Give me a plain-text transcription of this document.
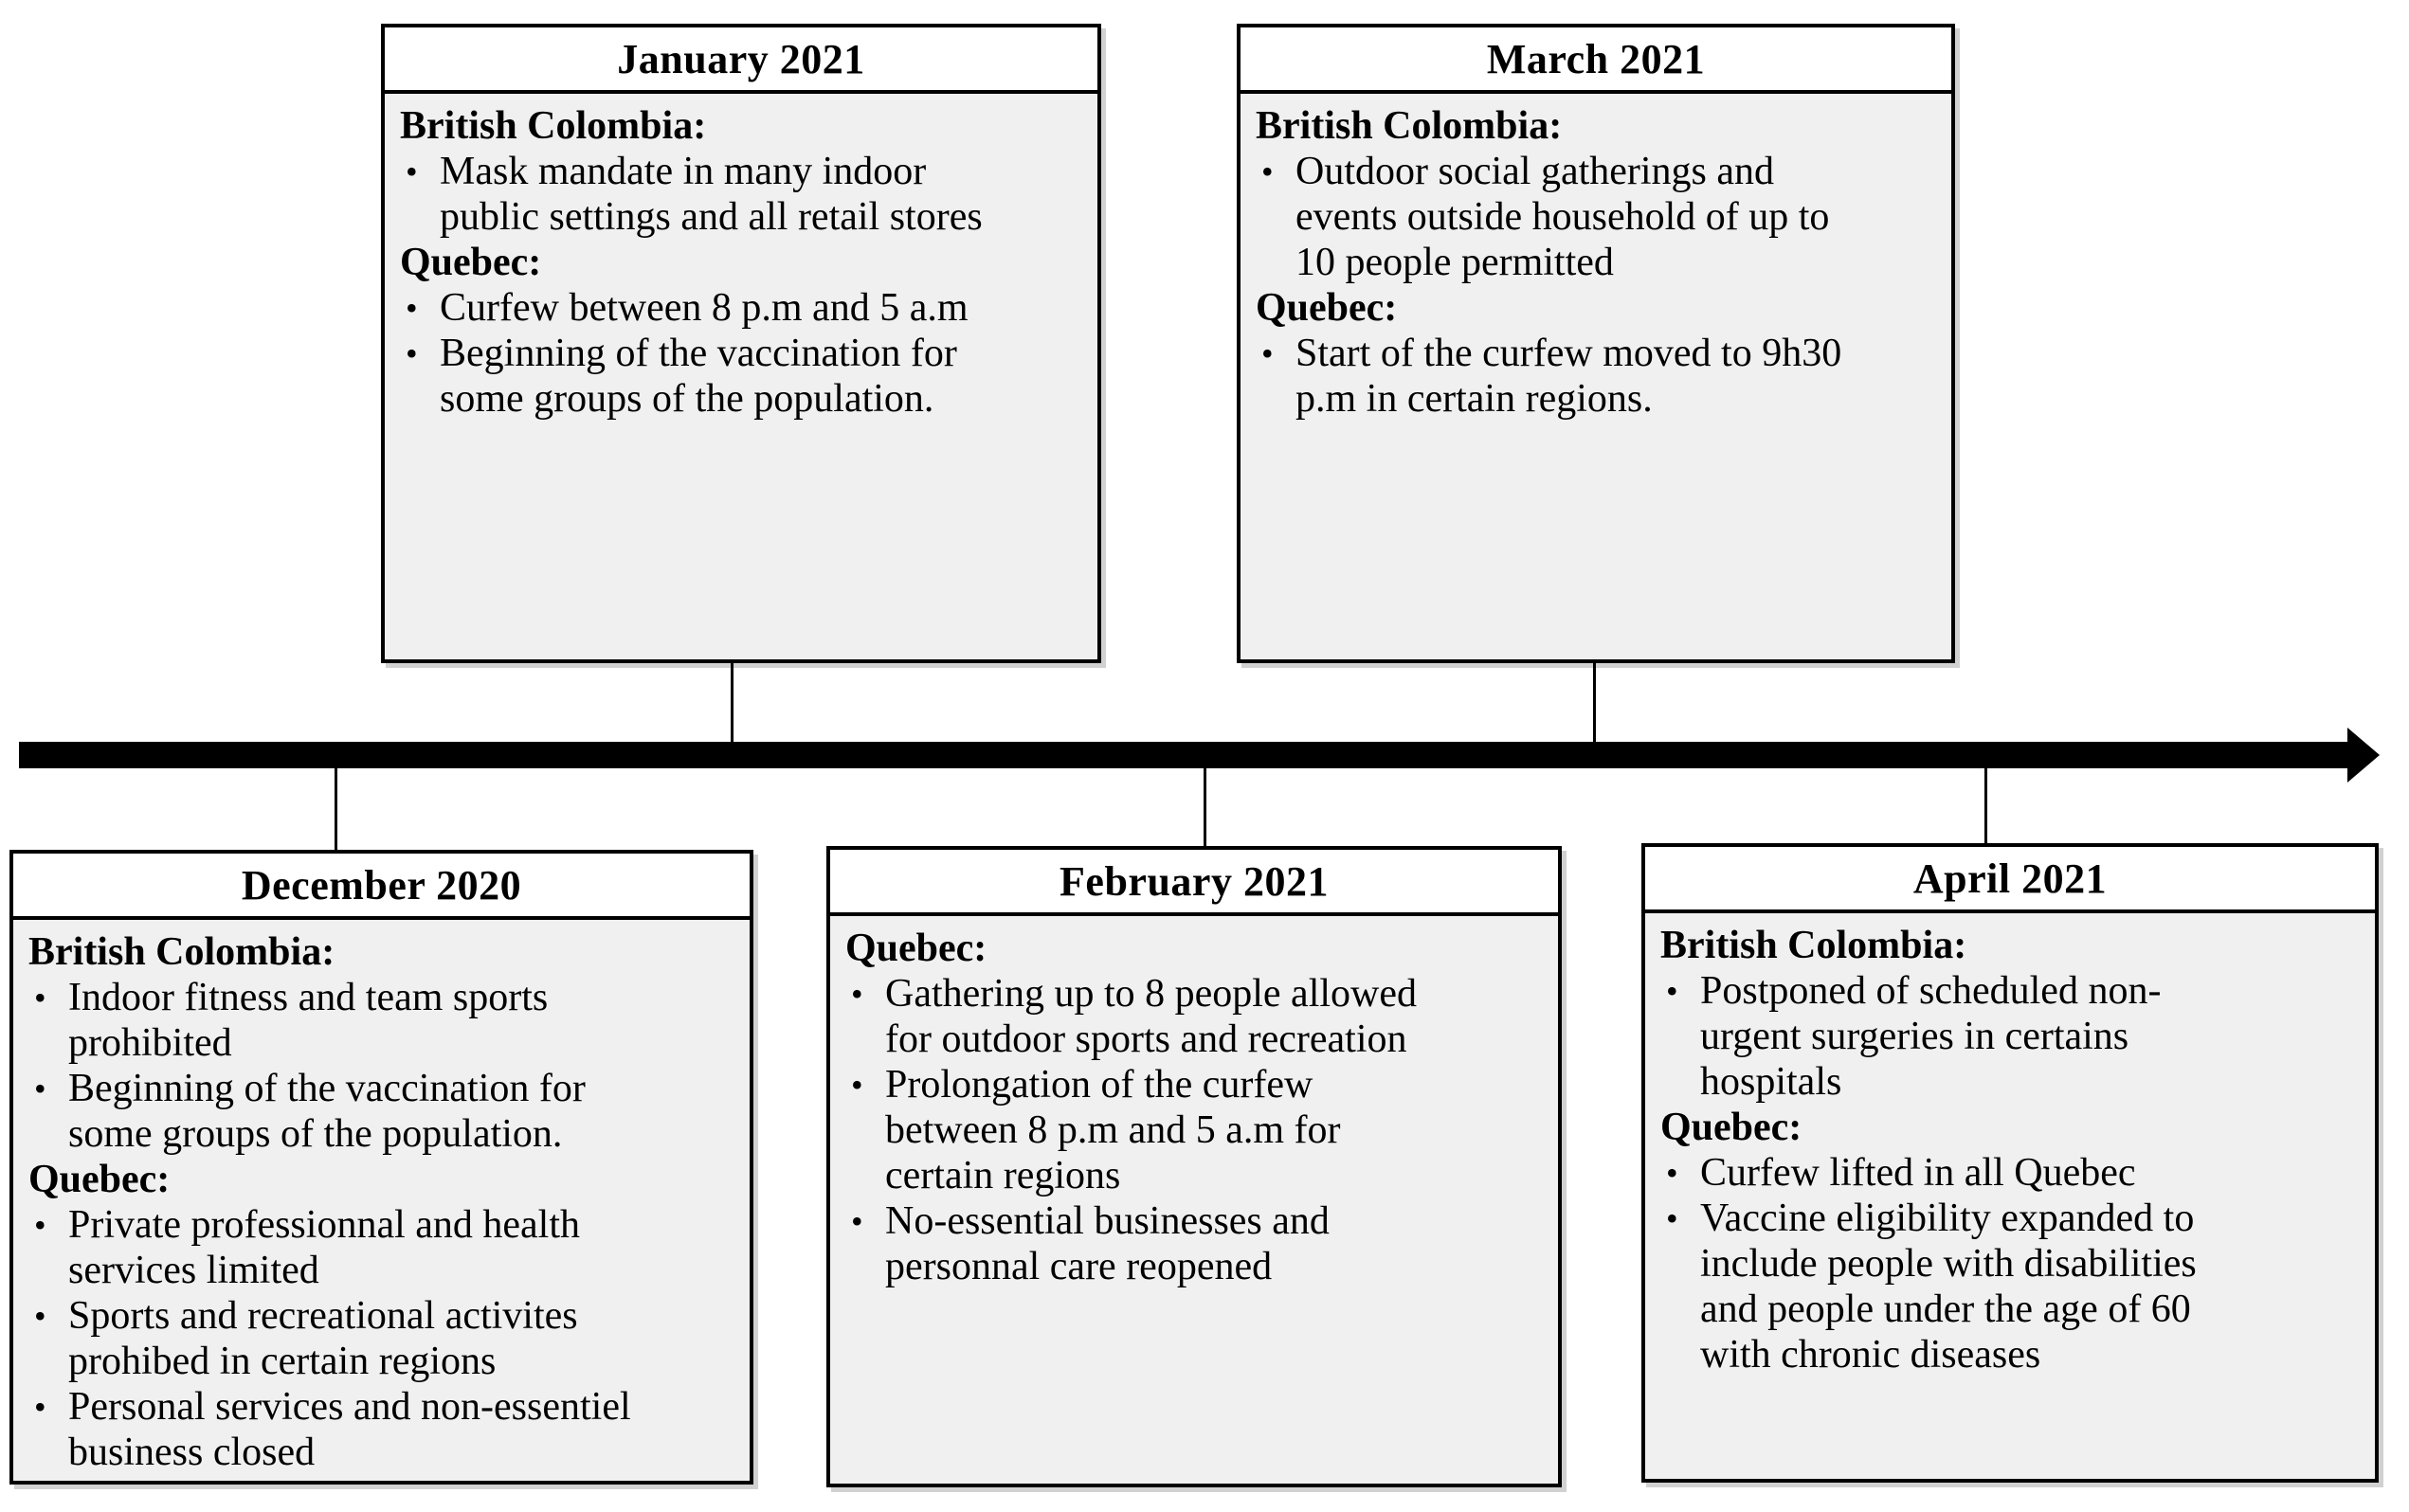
January 2021

British Colombia:

• Mask mandate in many indoor public settings and all retail stores

Quebec:

• Curfew between 8 p.m and 5 a.m
• Beginning of the vaccination for some groups of the population.
March 2021

British Colombia:

• Outdoor social gatherings and events outside household of up to 10 people permitted

Quebec:

• Start of the curfew moved to 9h30 p.m in certain regions.
December 2020

British Colombia:

• Indoor fitness and team sports prohibited
• Beginning of the vaccination for some groups of the population.

Quebec:

• Private professionnal and health services limited
• Sports and recreational activites prohibed in certain regions
• Personal services and non-essentiel business closed
February 2021

Quebec:

• Gathering up to 8 people allowed for outdoor sports and recreation
• Prolongation of the curfew between 8 p.m and 5 a.m for certain regions
• No-essential businesses and personnal care reopened
April 2021

British Colombia:

• Postponed of scheduled non-urgent surgeries in certains hospitals

Quebec:

• Curfew lifted in all Quebec
• Vaccine eligibility expanded to include people with disabilities and people under the age of 60 with chronic diseases
